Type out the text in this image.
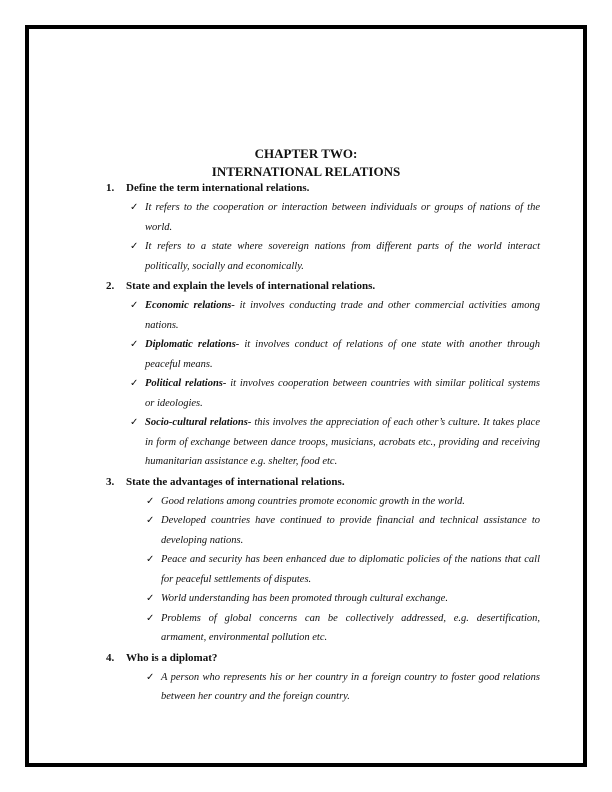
CHAPTER TWO:
INTERNATIONAL RELATIONS
1.	Define the term international relations.
✓ It refers to the cooperation or interaction between individuals or groups of nations of the world.
✓ It refers to a state where sovereign nations from different parts of the world interact politically, socially and economically.
2.	State and explain the levels of international relations.
✓ Economic relations- it involves conducting trade and other commercial activities among nations.
✓ Diplomatic relations- it involves conduct of relations of one state with another through peaceful means.
✓ Political relations- it involves cooperation between countries with similar political systems or ideologies.
✓ Socio-cultural relations- this involves the appreciation of each other’s culture. It takes place in form of exchange between dance troops, musicians, acrobats etc., providing and receiving humanitarian assistance e.g. shelter, food etc.
3.	State the advantages of international relations.
✓ Good relations among countries promote economic growth in the world.
✓ Developed countries have continued to provide financial and technical assistance to developing nations.
✓ Peace and security has been enhanced due to diplomatic policies of the nations that call for peaceful settlements of disputes.
✓ World understanding has been promoted through cultural exchange.
✓ Problems of global concerns can be collectively addressed, e.g. desertification, armament, environmental pollution etc.
4.	Who is a diplomat?
✓ A person who represents his or her country in a foreign country to foster good relations between her country and the foreign country.
